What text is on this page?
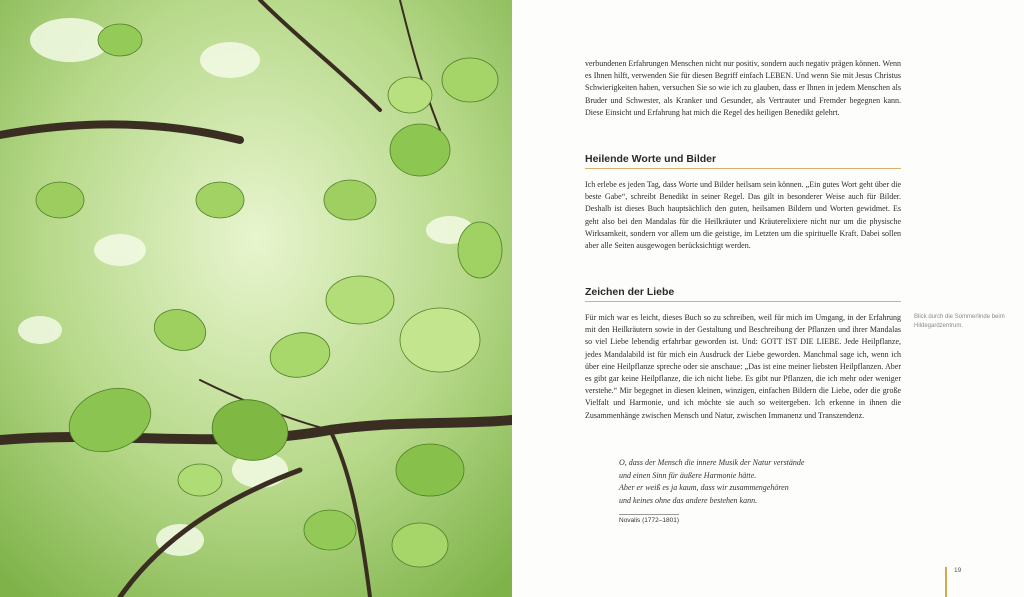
verbundenen Erfahrungen Menschen nicht nur positiv, sondern auch negativ prägen können. Wenn es Ihnen hilft, verwenden Sie für diesen Begriff einfach LEBEN. Und wenn Sie mit Jesus Christus Schwierigkeiten haben, versuchen Sie so wie ich zu glauben, dass er Ihnen in jedem Menschen als Bruder und Schwester, als Kranker und Gesunder, als Vertrauter und Fremder begegnen kann. Diese Einsicht und Erfahrung hat mich die Regel des heiligen Benedikt gelehrt.

Heilende Worte und Bilder

Ich erlebe es jeden Tag, dass Worte und Bilder heilsam sein können. „Ein gutes Wort geht über die beste Gabe“, schreibt Benedikt in seiner Regel. Das gilt in besonderer Weise auch für Bilder. Deshalb ist dieses Buch hauptsächlich den guten, heilsamen Bildern und Worten gewidmet. Es geht also bei den Mandalas für die Heilkräuter und Kräuterelixiere nicht nur um die physische Wirksamkeit, sondern vor allem um die geistige, im Letzten um die spirituelle Kraft. Dabei sollen aber alle Seiten ausgewogen berücksichtigt werden.

Zeichen der Liebe

Für mich war es leicht, dieses Buch so zu schreiben, weil für mich im Umgang, in der Erfahrung mit den Heilkräutern sowie in der Gestaltung und Beschreibung der Pflanzen und ihrer Mandalas so viel Liebe lebendig erfahrbar geworden ist. Und: GOTT IST DIE LIEBE. Jede Heilpflanze, jedes Mandalabild ist für mich ein Ausdruck der Liebe geworden. Manchmal sage ich, wenn ich über eine Heilpflanze spreche oder sie anschaue: „Das ist eine meiner liebsten Heilpflanzen. Aber es gibt gar keine Heilpflanze, die ich nicht liebe. Es gibt nur Pflanzen, die ich mehr oder weniger verstehe.“ Mir begegnet in diesen kleinen, winzigen, einfachen Bildern die Liebe, oder die große Vielfalt und Harmonie, und ich möchte sie auch so weitergeben. Ich erkenne in ihnen die Zusammenhänge zwischen Mensch und Natur, zwischen Immanenz und Transzendenz.

Blick durch die Sommerlinde beim Hildegardzentrum.
O, dass der Mensch die innere Musik der Natur verstände
und einen Sinn für äußere Harmonie hätte.
Aber er weiß es ja kaum, dass wir zusammengehören
und keines ohne das andere bestehen kann.
Novalis (1772–1801)
19
